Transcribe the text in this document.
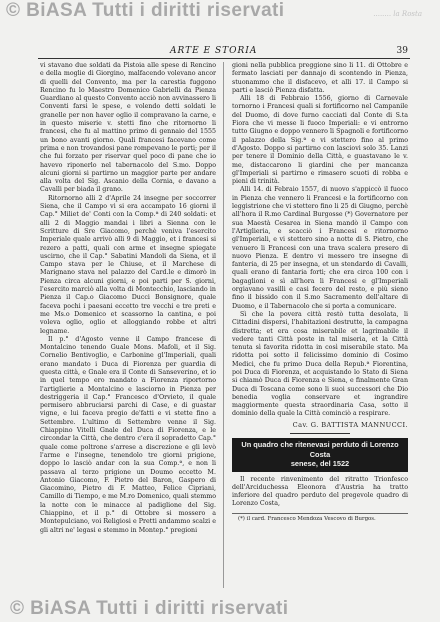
© BiASA Tutti i diritti riservati	........ la Rosta
ARTE E STORIA	39

vi stavano due soldati da Pistoia alle spese di Rencino e della moglie di Giorgino, malfacendo volevano ancor di quelli del Convento, ma per la carestia fuggono Rencino fu lo Maestro Domenico Gabrielli da Pienza Guardiano al questo Convento acciò non avvinassero li Conventi farsi le spese, e volendo detti soldati le granelle per non haver oglio il compravano la carne, e in questo miserie v. stetti fino che ritornorno li francesi, che fu al mattino primo di gennaio del 1555 un bono avanti giorno. Quali francesi facevano come prima e non trovandosi pane rompevano le porti; per il che fui forzato per riservar quel poco di pane che io havevo riponerlo nel tabernacolo del S.mo. Doppo alcuni giorni si partirno un maggior parte per andare alla volta del Sig. Ascanio della Cornia, e davano a Cavalli per biada il grano.

Ritornorno alli 2 d'Aprile 24 insegne per soccorrer Siena, che il Campo vi si era accampato 16 giorni il Cap.° Miliet de' Conti con la Comp.ª di 240 soldati: et alli 2 di Maggio mandai i libri a Sienna con le Scritture di Sre Giacomo, perchè veniva l'esercito Imperiale quale arrivò alli 9 di Maggio, et i francesi si rezero a patti, quali con arme et insegne spiegate uscirno, che il Cap.° Sabatini Mandoli da Siena, et il Campo stava per le Chiuse, et il Marchese di Marignano stava nel palazzo del Card.le e dimorò in Pienza circa alcuni giorni, e poi parti per S. giorni, l'esercito marciò alla volta di Montecchio, lasciando in Pienza il Cap.o Giacomo Ducci Bonsignore, quale faceva pochi i paesani eccetto tre vecchi e tre preti e me Ms.o Domenico et scassorno la cantina, e poi voleva oglio, oglio et alloggiando robbe et altri legname.

Il p.° d'Agosto venne il Campo francese di Montalcino tenendo Guale Mons. Mafoli, et il Sig. Cornelio Bentivoglio, e Carbonine gl'Imperiali, quali erano mandato i Duca di Fiorenza per guardia di questa città, e Gnale era il Conte di Sanseverino, et io in quel tempo ero mandato a Fiorenza riportorno l'artiglierie a Montalcino e lasciorno in Pienza per destriggeria il Cap.° Francesco d'Orvieto, il quale permisero abbruciarsi parchi di Case, e di guastar vigne, e lui faceva pregio de'fatti e vi stette fino a Settembre. L'ultimo di Settembre venne il Sig. Chiappino Vitelli Gnale del Duca di Fiorenza, e le circondar la Città, che dentro c'era il sopradetto Cap.° quale come poltrone s'arrese a discrezione e gli levò l'arme e l'insegne, tenendolo tre giorni prigione, doppo lo lasciò andar con la sua Comp.ª, e non li passava al terzo prigione un Doumo eccetto M. Antonio Giacomo, F. Pietro del Baron, Gaspero di Giacomino, Pietro di F. Matteo, Felice Cipriani, Camillo di Tiempo, e me M.ro Domenico, quali stemmo la notte con le minacce al padiglione del Sig. Chiappino, et il p.° di Ottobre si mossero a Montepulciano, voi Religiosi e Pretti andammo scalzi e gli altri ne' legasi e stemmo in Montep.° pregioni

gioni nella pubblica preggione sino li 11. di Ottobre e fermato lasciati per dannajo di scontendo in Pienza, stuonammo che il disfacevo, et alli 17. il Campo si parti e lasciò Pienza disfatta.

Alli 18 di Febbraio 1556, giorno di Carnevale tornorno i Francesi quali si fortificorno nel Campanile del Duomo, di dove furno cacciati dal Conte di S.ta Fiora che vi messe li fuoco Imperiali: e vi entrorno tutto Giugno e doppo vennero li Spagnoli e fortificorno il palazzo della Sig.ª e vi stettero fino al primo d'Agosto. Doppo si partirno con lasciovi solo 35. Lanzi per tenere il Dominio della Città, e guastavano le v. me, distaccarono li giardini che per mancanza gl'Imperiali si partirno e rimasero scuoti di robba e pieni di trinità.

Alli 14. di Febraio 1557, di nuovo s'appiccò il fuoco in Pienza che vennero li Francesi e la fortificorno con leggistrione che vi stettero fino li 25 di Giugno, perchè all'hora il R.mo Cardinal Burgosse (*) Governatore per sua Maestà Cesarea in Siena mandò il Campo con l'Artiglieria, e scacciò i Francesi e ritornorno gl'Imperiali, e vi stettero sino a notte di S. Pietro, che venuero li Francesi con una trava scalera presero di nuovo Pienza. E dentro vi messero tre insegne di fanteria, di 25 per insegna, et un stendardo di Cavalli, quali erano di fantaria forti; che era circa 100 con i bagaglioni e sì all'hora li Francesi e gl'Imperiali orgiavano vasilli e casi fecero del resto, e più sieno fino il bissido con il S.mo Sacramento dell'altare di Duomo, e il Tabernacolo che si porta a comunicare.

Sì che la povera città restò tutta desolata, li Cittadini dispersi, l'habitazioni destrutte, la campagna distretta; et era cosa miserabile et lagrimabile il vedere tanti Città poste in tal miseria, et la Città tenuta sì favorita ridotta in così miserabile stato. Ma ridotta poi sotto il felicissimo dominio di Cosimo Medici, che fu primo Duca della Repub.ª Fiorentina, poi Duca di Fiorenza, et acquistando lo Stato di Siena si chiamò Duca di Fiorenza e Siena, e finalmente Gran Duca di Toscana come sono li suoi successori che Dio benedia voglia conservare et ingrandire maggiormente questa straordinaria Casa, sotto il dominio della quale la Città cominciò a respirare.

Cav. G. BATTISTA MANNUCCI.
Un quadro che ritenevasi perduto di Lorenzo Costa
senese, del 1522

Il recente rinvenimento del ritratto Trionfesco dell'Arciduchessa Eleonora d'Austria ha tratto inferiore del quadro perduto del pregevole quadro di Lorenzo Costa,

(*) il card. Francesco Mendoza Vescovo di Burgos.
© BiASA Tutti i diritti riservati
